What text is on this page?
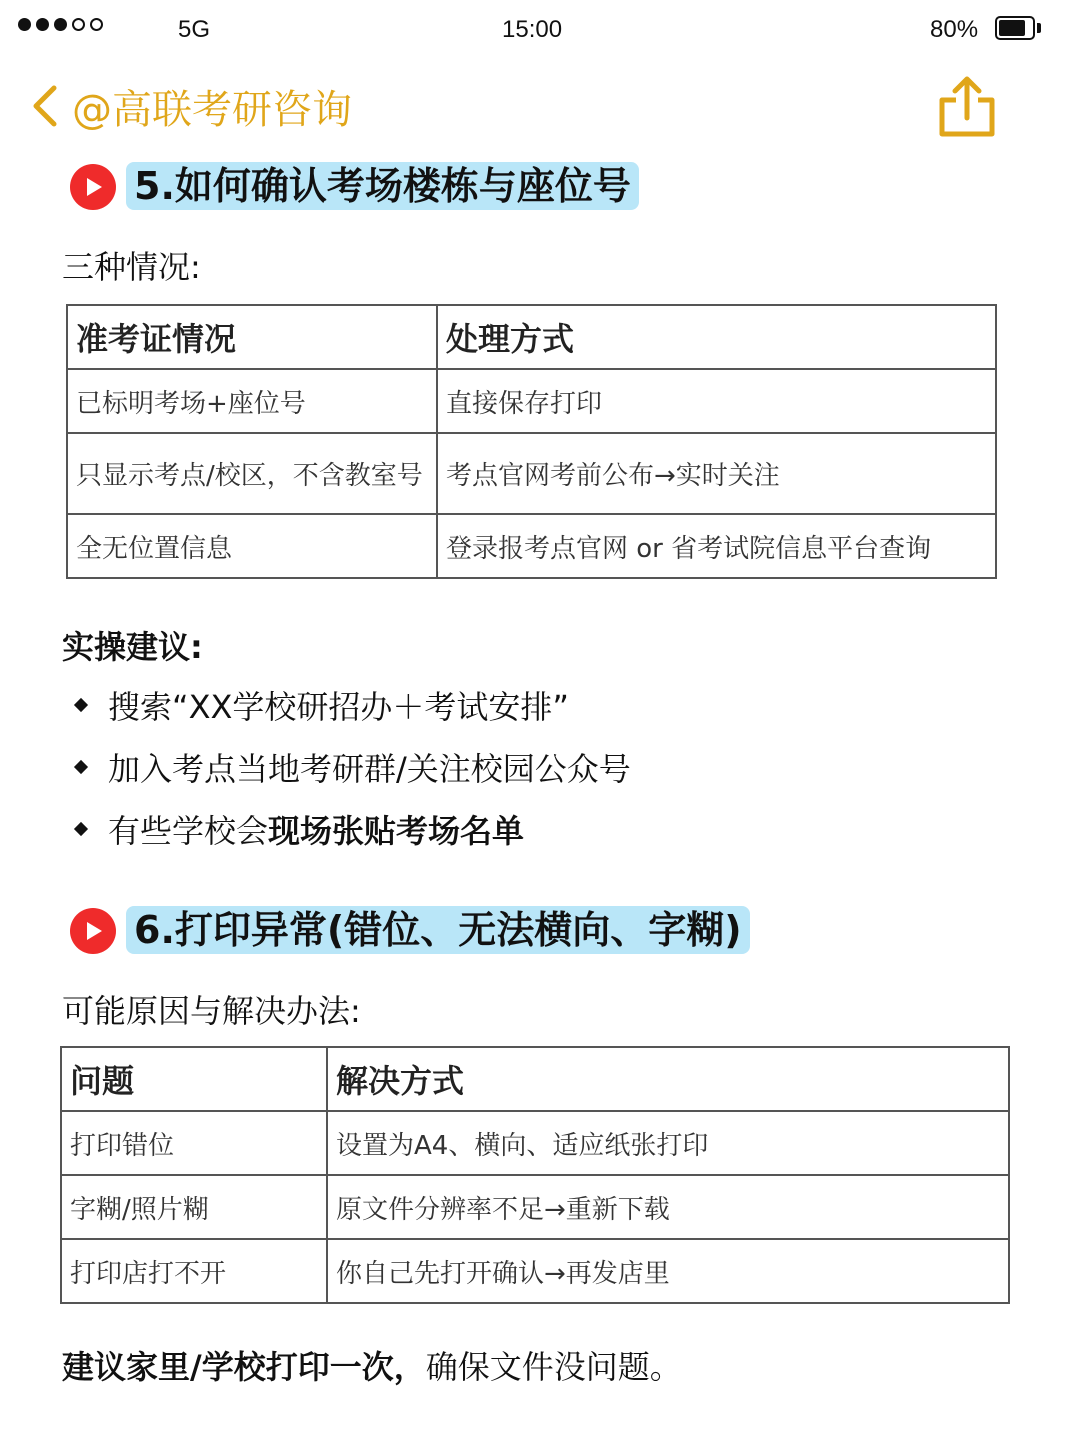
5G	15:00	80%
@高联考研咨询
5.如何确认考场楼栋与座位号
三种情况:
准考证情况	处理方式
已标明考场+座位号	直接保存打印
只显示考点/校区，不含教室号	考点官网考前公布→实时关注
全无位置信息	登录报考点官网 or 省考试院信息平台查询
实操建议:
搜索“XX学校研招办＋考试安排”
加入考点当地考研群/关注校园公众号
有些学校会 现场张贴考场名单
6.打印异常(错位、无法横向、字糊)
可能原因与解决办法:
问题	解决方式
打印错位	设置为A4、横向、适应纸张打印
字糊/照片糊	原文件分辨率不足→重新下载
打印店打不开	你自己先打开确认→再发店里
建议家里/学校打印一次，确保文件没问题。
